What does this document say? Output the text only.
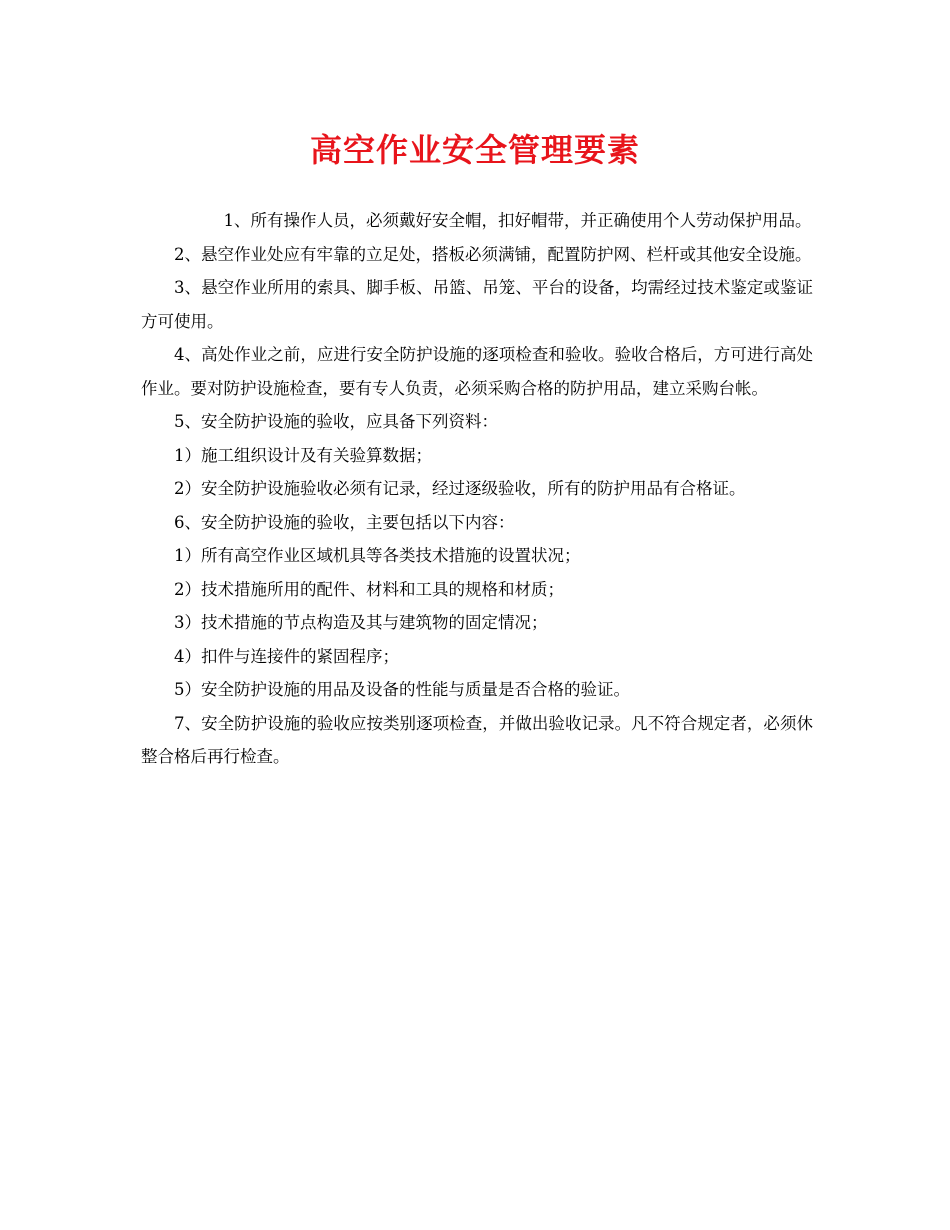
高空作业安全管理要素

1、所有操作人员，必须戴好安全帽，扣好帽带，并正确使用个人劳动保护用品。

2、悬空作业处应有牢靠的立足处，搭板必须满铺，配置防护网、栏杆或其他安全设施。

3、悬空作业所用的索具、脚手板、吊篮、吊笼、平台的设备，均需经过技术鉴定或鉴证方可使用。

4、高处作业之前，应进行安全防护设施的逐项检查和验收。验收合格后，方可进行高处作业。要对防护设施检查，要有专人负责，必须采购合格的防护用品，建立采购台帐。

5、安全防护设施的验收，应具备下列资料：

1）施工组织设计及有关验算数据；

2）安全防护设施验收必须有记录，经过逐级验收，所有的防护用品有合格证。

6、安全防护设施的验收，主要包括以下内容：

1）所有高空作业区域机具等各类技术措施的设置状况；

2）技术措施所用的配件、材料和工具的规格和材质；

3）技术措施的节点构造及其与建筑物的固定情况；

4）扣件与连接件的紧固程序；

5）安全防护设施的用品及设备的性能与质量是否合格的验证。

7、安全防护设施的验收应按类别逐项检查，并做出验收记录。凡不符合规定者，必须休整合格后再行检查。
